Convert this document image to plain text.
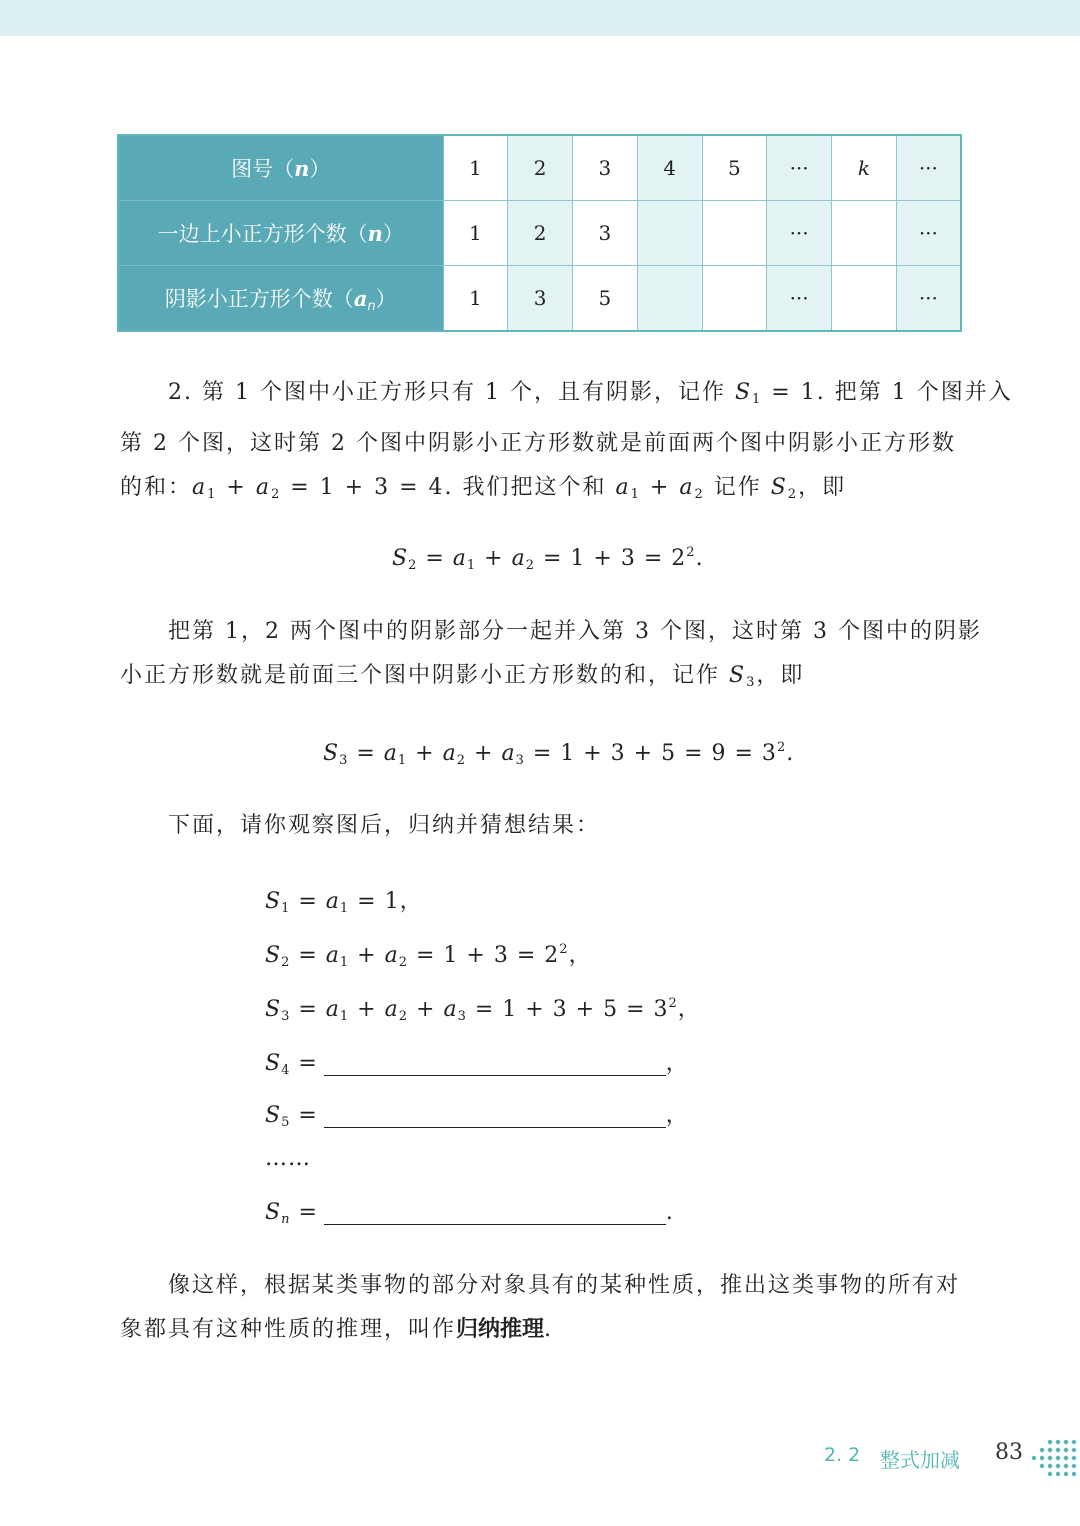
图号（n）	1	2	3	4	5	···	k	···
一边上小正方形个数（n）	1	2	3			···		···
阴影小正方形个数$(a_n)$	1	3	5			···		···
2. 第 1 个图中小正方形只有 1 个，且有阴影，记作 $S_1 = 1$. 把第 1 个图并入
第 2 个图，这时第 2 个图中阴影小正方形数就是前面两个图中阴影小正方形数
的和：$a_1 + a_2 = 1 + 3 = 4$. 我们把这个和 $a_1 + a_2$ 记作 $S_2$，即
$S_2 = a_1 + a_2 = 1 + 3 = 2^2$.
把第 1，2 两个图中的阴影部分一起并入第 3 个图，这时第 3 个图中的阴影
小正方形数就是前面三个图中阴影小正方形数的和，记作 $S_3$，即
$S_3 = a_1 + a_2 + a_3 = 1 + 3 + 5 = 9 = 3^2$.
下面，请你观察图后，归纳并猜想结果：
$S_1 = a_1 = 1$，
$S_2 = a_1 + a_2 = 1 + 3 = 2^2$，
$S_3 = a_1 + a_2 + a_3 = 1 + 3 + 5 = 3^2$，
$S_4$ =	，
$S_5$ =	，
……
$S_n$ =	.
像这样，根据某类事物的部分对象具有的某种性质，推出这类事物的所有对
象都具有这种性质的推理，叫作归纳推理.
2. 2 整式加减 83
